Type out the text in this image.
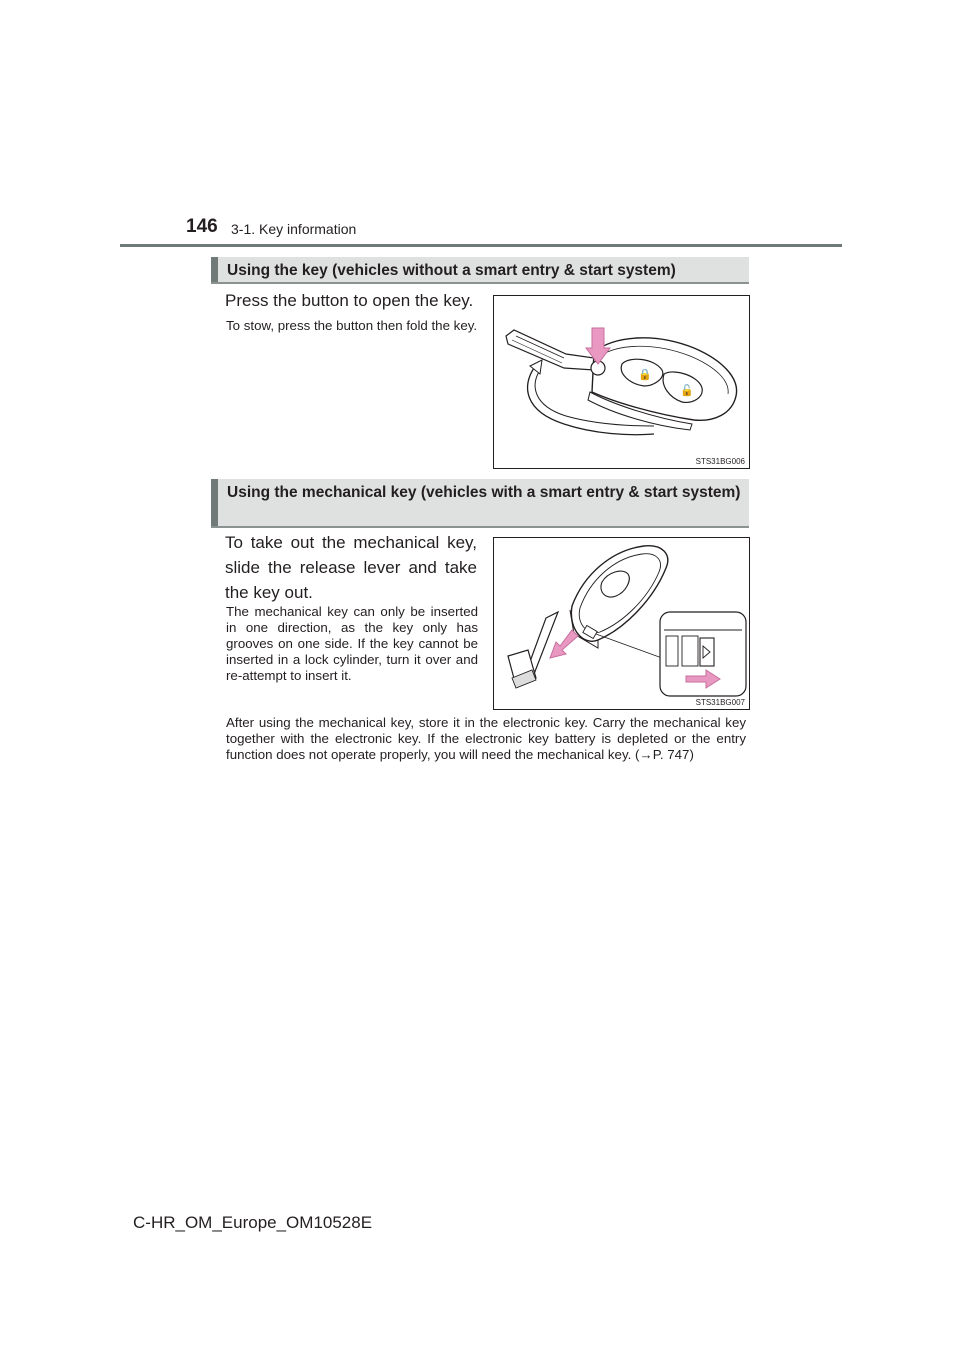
146 3-1. Key information
Using the key (vehicles without a smart entry & start system)
Press the button to open the key.
To stow, press the button then fold the key.
🔒
🔓
STS31BG006
Using the mechanical key (vehicles with a smart entry & start system)
To take out the mechanical key, slide the release lever and take the key out.
The mechanical key can only be inserted in one direction, as the key only has grooves on one side. If the key cannot be inserted in a lock cylinder, turn it over and re-attempt to insert it.
After using the mechanical key, store it in the electronic key. Carry the mechanical key together with the electronic key. If the electronic key battery is depleted or the entry function does not operate properly, you will need the mechanical key. (→P. 747)
STS31BG007
C-HR_OM_Europe_OM10528E
